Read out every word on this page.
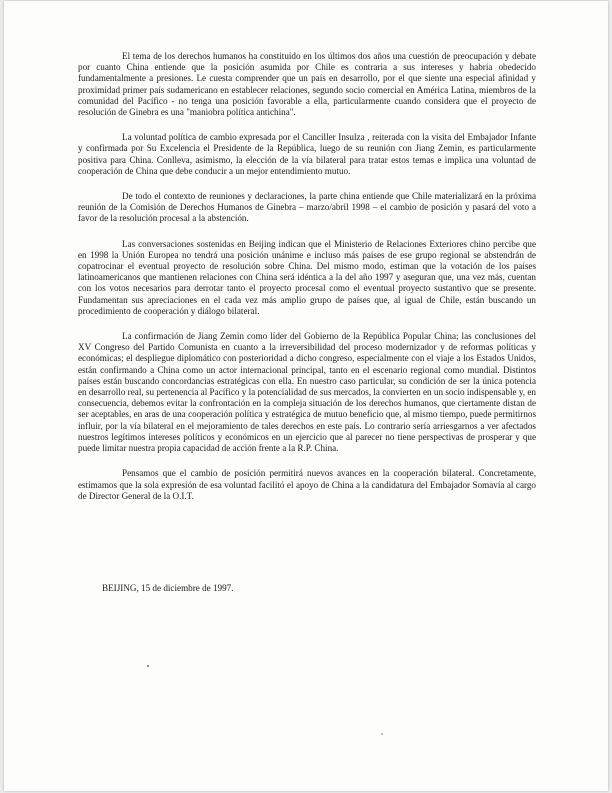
El tema de los derechos humanos ha constituido en los últimos dos años una cuestión de preocupación y debate por cuanto China entiende que la posición asumida por Chile es contraria a sus intereses y habría obedecido fundamentalmente a presiones. Le cuesta comprender que un país en desarrollo, por el que siente una especial afinidad y proximidad primer país sudamericano en establecer relaciones, segundo socio comercial en América Latina, miembros de la comunidad del Pacífico - no tenga una posición favorable a ella, particularmente cuando considera que el proyecto de resolución de Ginebra es una "maniobra política antichina".

La voluntad política de cambio expresada por el Canciller Insulza , reiterada con la visita del Embajador Infante y confirmada por Su Excelencia el Presidente de la República, luego de su reunión con Jiang Zemin, es particularmente positiva para China. Conlleva, asimismo, la elección de la vía bilateral para tratar estos temas e implica una voluntad de cooperación de China que debe conducir a un mejor entendimiento mutuo.

De todo el contexto de reuniones y declaraciones, la parte china entiende que Chile materializará en la próxima reunión de la Comisión de Derechos Humanos de Ginebra – marzo/abril 1998 – el cambio de posición y pasará del voto a favor de la resolución procesal a la abstención.

Las conversaciones sostenidas en Beijing indican que el Ministerio de Relaciones Exteriores chino percibe que en 1998 la Unión Europea no tendrá una posición unánime e incluso más países de ese grupo regional se abstendrán de copatrocinar el eventual proyecto de resolución sobre China. Del mismo modo, estiman que la votación de los países latinoamericanos que mantienen relaciones con China será idéntica a la del año 1997 y aseguran que, una vez más, cuentan con los votos necesarios para derrotar tanto el proyecto procesal como el eventual proyecto sustantivo que se presente. Fundamentan sus apreciaciones en el cada vez más amplio grupo de países que, al igual de Chile, están buscando un procedimiento de cooperación y diálogo bilateral.

La confirmación de Jiang Zemin como líder del Gobierno de la República Popular China; las conclusiones del XV Congreso del Partido Comunista en cuanto a la irreversibilidad del proceso modernizador y de reformas políticas y económicas; el despliegue diplomático con posterioridad a dicho congreso, especialmente con el viaje a los Estados Unidos, están confirmando a China como un actor internacional principal, tanto en el escenario regional como mundial. Distintos países están buscando concordancias estratégicas con ella. En nuestro caso particular, su condición de ser la única potencia en desarrollo real, su pertenencia al Pacífico y la potencialidad de sus mercados, la convierten en un socio indispensable y, en consecuencia, debemos evitar la confrontación en la compleja situación de los derechos humanos, que ciertamente distan de ser aceptables, en aras de una cooperación política y estratégica de mutuo beneficio que, al mismo tiempo, puede permitirnos influir, por la vía bilateral en el mejoramiento de tales derechos en este país. Lo contrario sería arriesgarnos a ver afectados nuestros legítimos intereses políticos y económicos en un ejercicio que al parecer no tiene perspectivas de prosperar y que puede limitar nuestra propia capacidad de acción frente a la R.P. China.

Pensamos que el cambio de posición permitirá nuevos avances en la cooperación bilateral. Concretamente, estimamos que la sola expresión de esa voluntad facilitó el apoyo de China a la candidatura del Embajador Somavía al cargo de Director General de la O.I.T.

BEIJING, 15 de diciembre de 1997.
